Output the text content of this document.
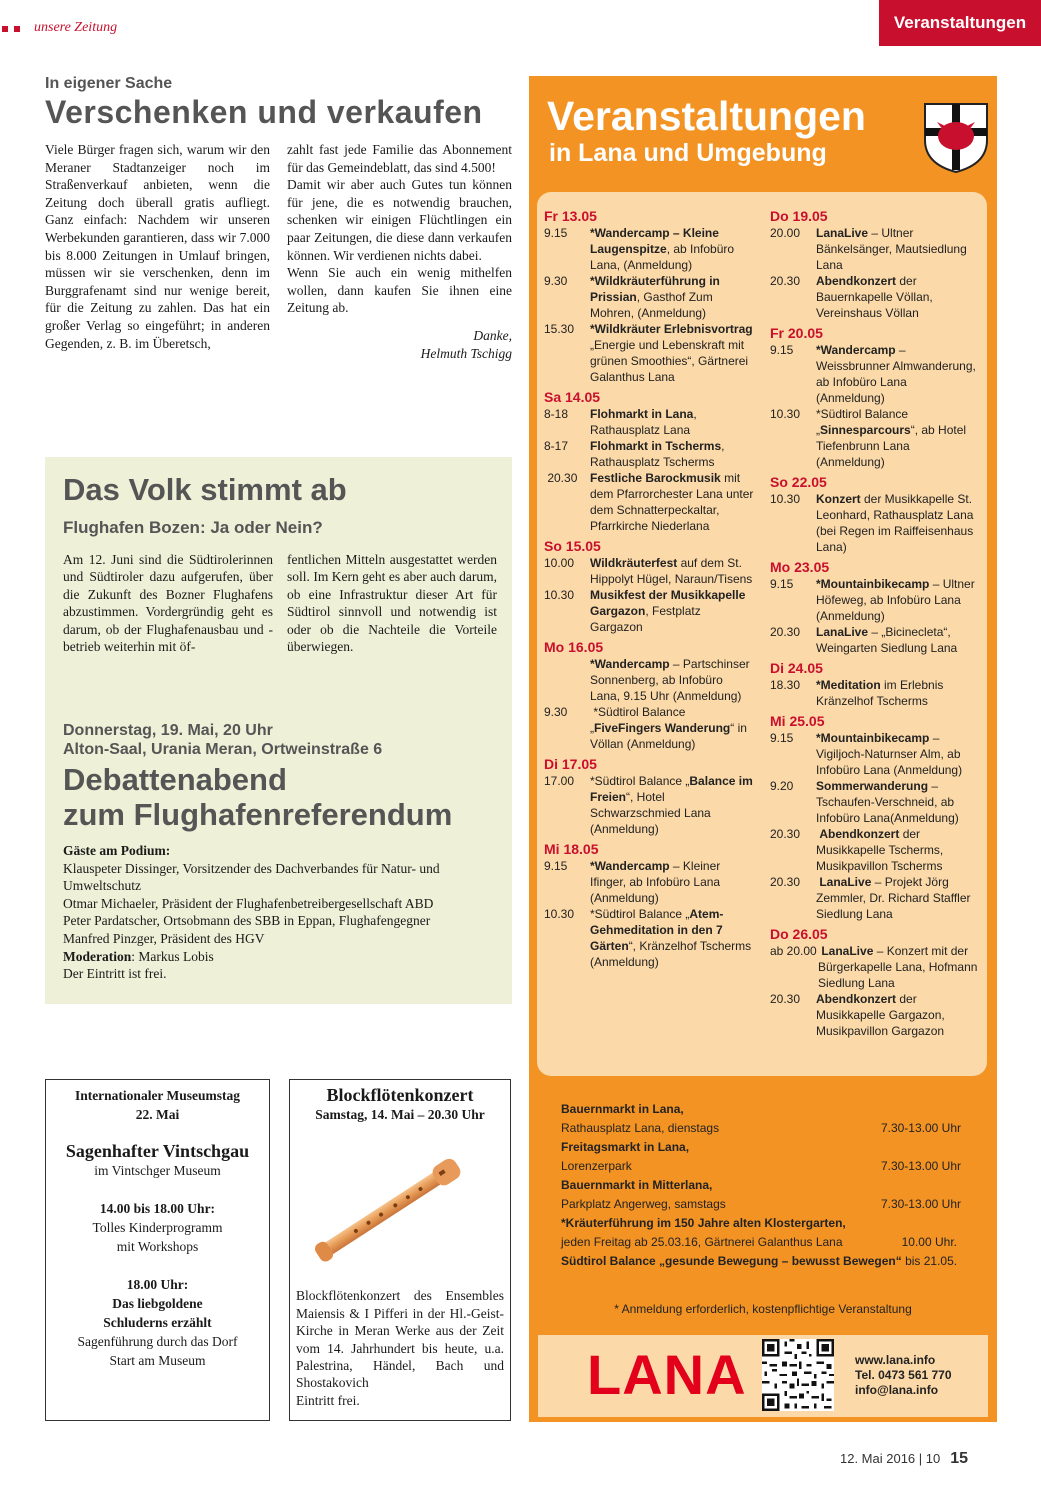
unsere Zeitung	Veranstaltungen
In eigener Sache
Verschenken und verkaufen

Viele Bürger fragen sich, warum wir den Meraner Stadtanzeiger noch im Straßenverkauf anbieten, wenn die Zeitung doch überall gratis aufliegt. Ganz einfach: Nachdem wir unseren Werbekunden garantieren, dass wir 7.000 bis 8.000 Zeitungen in Umlauf bringen, müssen wir sie verschenken, denn im Burggrafenamt sind nur wenige bereit, für die Zeitung zu zahlen. Das hat ein großer Verlag so eingeführt; in anderen Gegenden, z. B. im Überetsch,

zahlt fast jede Familie das Abonnement für das Gemeindeblatt, das sind 4.500!

Damit wir aber auch Gutes tun können für jene, die es notwendig brauchen, schenken wir einigen Flüchtlingen ein paar Zeitungen, die diese dann verkaufen können. Wir verdienen nichts dabei.

Wenn Sie auch ein wenig mithelfen wollen, dann kaufen Sie ihnen eine Zeitung ab.

Danke,
Helmuth Tschigg
Das Volk stimmt ab
Flughafen Bozen: Ja oder Nein?
Am 12. Juni sind die Südtirolerinnen und Südtiroler dazu aufgerufen, über die Zukunft des Bozner Flughafens abzustimmen. Vordergründig geht es darum, ob der Flughafenausbau und -betrieb weiterhin mit öf-
fentlichen Mitteln ausgestattet werden soll. Im Kern geht es aber auch darum, ob eine Infrastruktur dieser Art für Südtirol sinnvoll und notwendig ist oder ob die Nachteile die Vorteile überwiegen.
Donnerstag, 19. Mai, 20 Uhr
Alton-Saal, Urania Meran, Ortweinstraße 6
Debattenabend
zum Flughafenreferendum
Gäste am Podium:
Klauspeter Dissinger, Vorsitzender des Dachverbandes für Natur- und Umweltschutz
Otmar Michaeler, Präsident der Flughafenbetreibergesellschaft ABD
Peter Pardatscher, Ortsobmann des SBB in Eppan, Flughafengegner
Manfred Pinzger, Präsident des HGV
Moderation: Markus Lobis
Der Eintritt ist frei.
Internationaler Museumstag
22. Mai
Sagenhafter Vintschgau
im Vintschger Museum
14.00 bis 18.00 Uhr:
Tolles Kinderprogramm
mit Workshops
18.00 Uhr:
Das liebgoldene
Schluderns erzählt
Sagenführung durch das Dorf
Start am Museum
Blockflötenkonzert
Samstag, 14. Mai – 20.30 Uhr
Blockflötenkonzert des Ensembles Maiensis & I Pifferi in der Hl.-Geist-Kirche in Meran Werke aus der Zeit vom 14. Jahrhundert bis heute, u.a. Palestrina, Händel, Bach und Shostakovich
Eintritt frei.
Veranstaltungen
in Lana und Umgebung
Fr 13.05
9.15	*Wandercamp – Kleine Laugenspitze, ab Infobüro Lana, (Anmeldung)
9.30	*Wildkräuterführung in Prissian, Gasthof Zum Mohren, (Anmeldung)
15.30	*Wildkräuter Erlebnisvortrag „Energie und Lebenskraft mit grünen Smoothies“, Gärtnerei Galanthus Lana
Sa 14.05
8-18	Flohmarkt in Lana, Rathausplatz Lana
8-17	Flohmarkt in Tscherms, Rathausplatz Tscherms
20.30	Festliche Barockmusik mit dem Pfarrorchester Lana unter dem Schnatterpeckaltar, Pfarrkirche Niederlana
So 15.05
10.00	Wildkräuterfest auf dem St. Hippolyt Hügel, Naraun/Tisens
10.30	Musikfest der Musikkapelle Gargazon, Festplatz Gargazon
Mo 16.05
*Wandercamp – Partschinser Sonnenberg, ab Infobüro Lana, 9.15 Uhr (Anmeldung)
9.30	*Südtirol Balance „FiveFingers Wanderung“ in Völlan (Anmeldung)
Di 17.05
17.00	*Südtirol Balance „Balance im Freien“, Hotel Schwarzschmied Lana (Anmeldung)
Mi 18.05
9.15	*Wandercamp – Kleiner Ifinger, ab Infobüro Lana (Anmeldung)
10.30	*Südtirol Balance „Atem-Gehmeditation in den 7 Gärten“, Kränzelhof Tscherms (Anmeldung)
Do 19.05
20.00	LanaLive – Ultner Bänkelsänger, Mautsiedlung Lana
20.30	Abendkonzert der Bauernkapelle Völlan, Vereinshaus Völlan
Fr 20.05
9.15	*Wandercamp – Weissbrunner Almwanderung, ab Infobüro Lana (Anmeldung)
10.30	*Südtirol Balance „Sinnesparcours“, ab Hotel Tiefenbrunn Lana (Anmeldung)
So 22.05
10.30	Konzert der Musikkapelle St. Leonhard, Rathausplatz Lana (bei Regen im Raiffeisenhaus Lana)
Mo 23.05
9.15	*Mountainbikecamp – Ultner Höfeweg, ab Infobüro Lana (Anmeldung)
20.30	LanaLive – „Bicinecleta“, Weingarten Siedlung Lana
Di 24.05
18.30	*Meditation im Erlebnis Kränzelhof Tscherms
Mi 25.05
9.15	*Mountainbikecamp – Vigiljoch-Naturnser Alm, ab Infobüro Lana (Anmeldung)
9.20	Sommerwanderung – Tschaufen-Verschneid, ab Infobüro Lana(Anmeldung)
20.30	Abendkonzert der Musikkapelle Tscherms, Musikpavillon Tscherms
20.30	LanaLive – Projekt Jörg Zemmler, Dr. Richard Staffler Siedlung Lana
Do 26.05
ab 20.00 LanaLive – Konzert mit der Bürgerkapelle Lana, Hofmann Siedlung Lana
20.30	Abendkonzert der Musikkapelle Gargazon, Musikpavillon Gargazon
Bauernmarkt in Lana,
Rathausplatz Lana, dienstags	7.30-13.00 Uhr
Freitagsmarkt in Lana,
Lorenzerpark	7.30-13.00 Uhr
Bauernmarkt in Mitterlana,
Parkplatz Angerweg, samstags	7.30-13.00 Uhr
*Kräuterführung im 150 Jahre alten Klostergarten,
jeden Freitag ab 25.03.16, Gärtnerei Galanthus Lana	10.00 Uhr.
Südtirol Balance „gesunde Bewegung – bewusst Bewegen“ bis 21.05.
* Anmeldung erforderlich, kostenpflichtige Veranstaltung
LANA	www.lana.info
Tel. 0473 561 770
info@lana.info
12. Mai 2016 | 10 15
